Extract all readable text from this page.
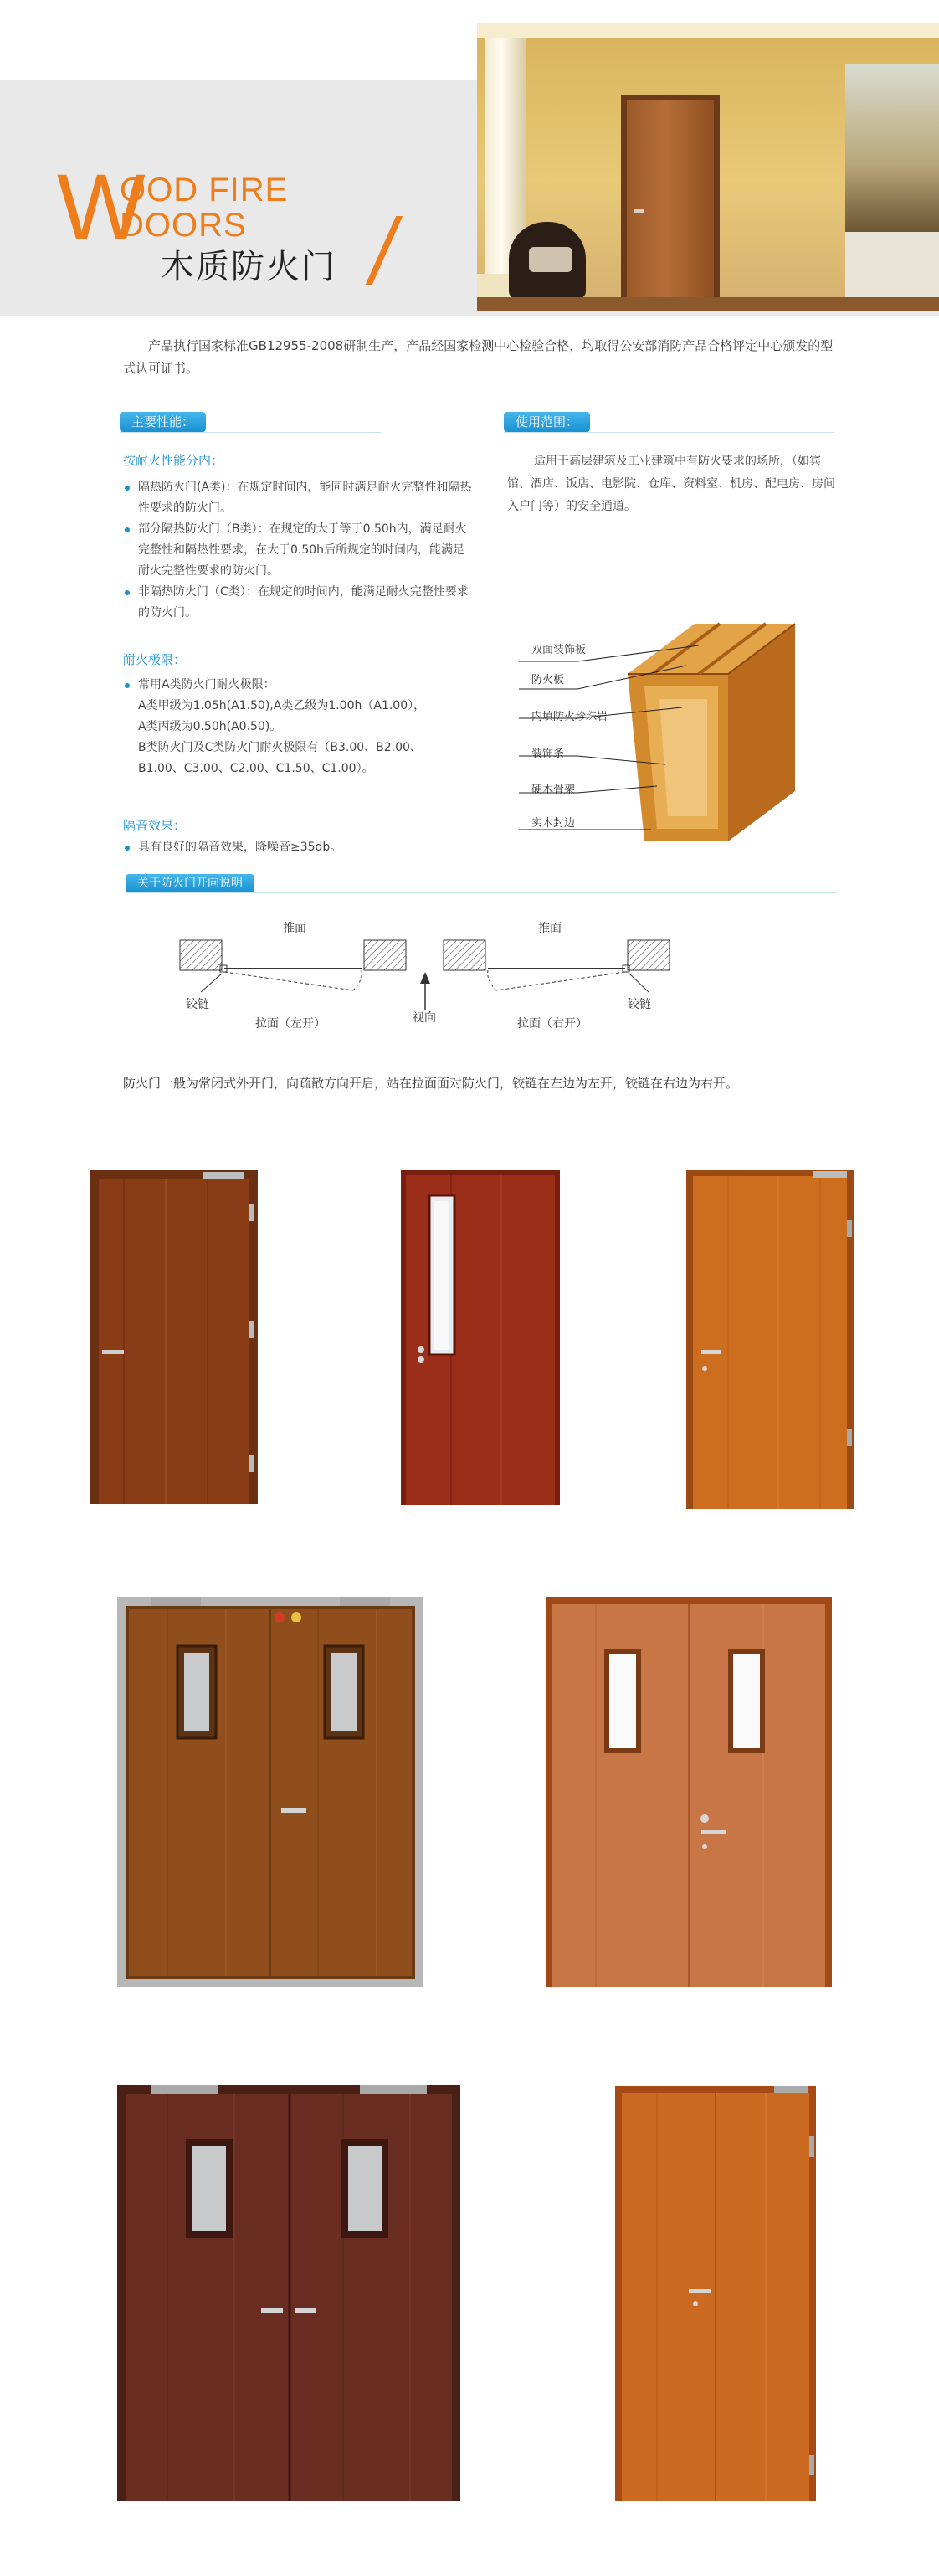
W
OOD FIRE
DOORS
木质防火门

产品执行国家标准GB12955-2008研制生产，产品经国家检测中心检验合格，均取得公安部消防产品合格评定中心颁发的型式认可证书。

主要性能：
按耐火性能分内：
隔热防火门(A类)：在规定时间内，能同时满足耐火完整性和隔热性要求的防火门。
部分隔热防火门（B类）：在规定的大于等于0.50h内，满足耐火完整性和隔热性要求，在大于0.50h后所规定的时间内，能满足耐火完整性要求的防火门。
非隔热防火门（C类）：在规定的时间内，能满足耐火完整性要求的防火门。
耐火极限：
常用A类防火门耐火极限：
A类甲级为1.05h(A1.50),A类乙级为1.00h（A1.00），
A类丙级为0.50h(A0.50)。
B类防火门及C类防火门耐火极限有（B3.00、B2.00、
B1.00、C3.00、C2.00、C1.50、C1.00）。
隔音效果：
具有良好的隔音效果，降噪音≥35db。
使用范围：

适用于高层建筑及工业建筑中有防火要求的场所，（如宾馆、酒店、饭店、电影院、仓库、资料室、机房、配电房、房间入户门等）的安全通道。

双面装饰板
防火板
内填防火珍珠岩
装饰条
硬木骨架
实木封边
关于防火门开向说明
推面	推面
铰链	铰链
拉面（左开）	拉面（右开）
视向

防火门一般为常闭式外开门，向疏散方向开启，站在拉面面对防火门，铰链在左边为左开，铰链在右边为右开。
